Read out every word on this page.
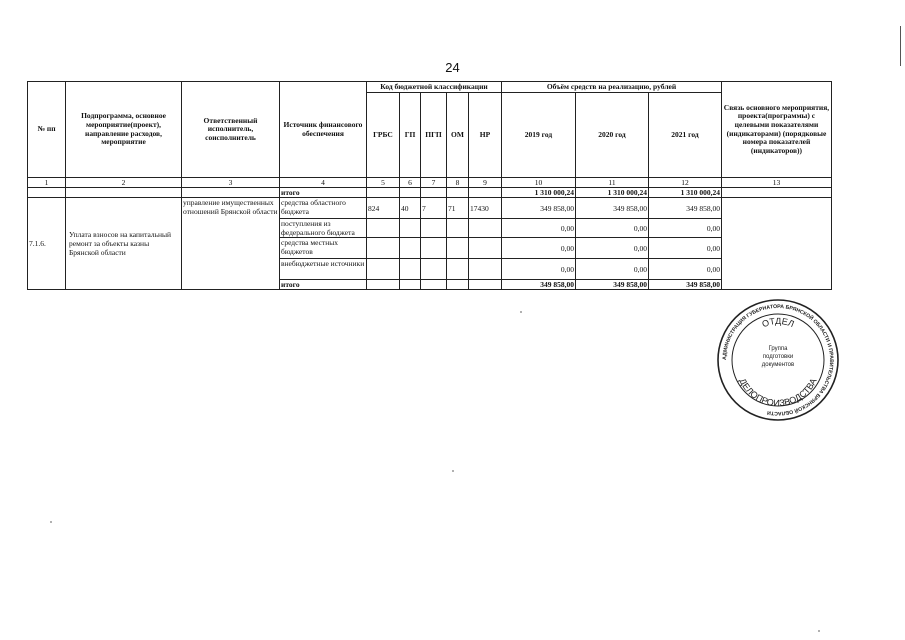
24
№ пп	Подпрограмма, основное мероприятие(проект), направление расходов, мероприятие	Ответственный исполнитель, соисполнитель	Источник финансового обеспечения	Код бюджетной классификации					Объём средств на реализацию, рублей			Связь основного мероприятия, проекта(программы) с целевыми показателями (индикаторами) (порядковые номера показателей (индикаторов))
				ГРБС	ГП	ПГП	ОМ	НР	2019 год	2020 год	2021 год	
1	2	3	4	5	6	7	8	9	10	11	12	13
			итого						1 310 000,24	1 310 000,24	1 310 000,24	
7.1.6.	Уплата взносов на капитальный ремонт за объекты казны Брянской области	управление имущественных отношений Брянской области	средства областного бюджета	824	40	7	71	17430	349 858,00	349 858,00	349 858,00	
			поступления из федерального бюджета						0,00	0,00	0,00	
			средства местных бюджетов						0,00	0,00	0,00	
			внебюджетные источники						0,00	0,00	0,00	
			итого						349 858,00	349 858,00	349 858,00	
АДМИНИСТРАЦИЯ ГУБЕРНАТОРА БРЯНСКОЙ ОБЛАСТИ И ПРАВИТЕЛЬСТВА БРЯНСКОЙ ОБЛАСТИ
ОТДЕЛ
ДЕЛОПРОИЗВОДСТВА
Группа
подготовки
документов
